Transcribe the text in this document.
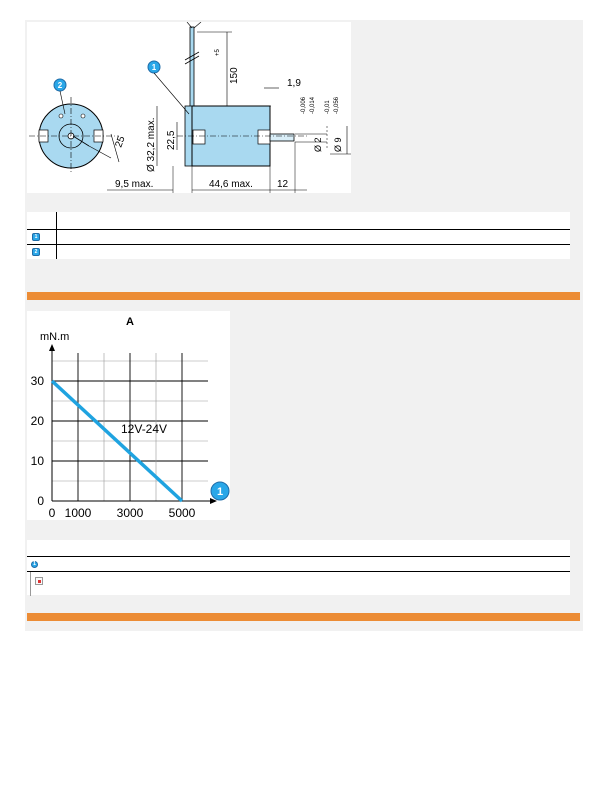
2
25
1	150
+5
1,9
Ø 2
-0,006 -0,014
Ø 9
-0,01 -0,056
Ø 32,2 max. 22,5
9,5 max.	44,6 max. 12
1
2
A
mN.m
0
10
20
30
0 1000 3000 5000
12V-24V
1
1
